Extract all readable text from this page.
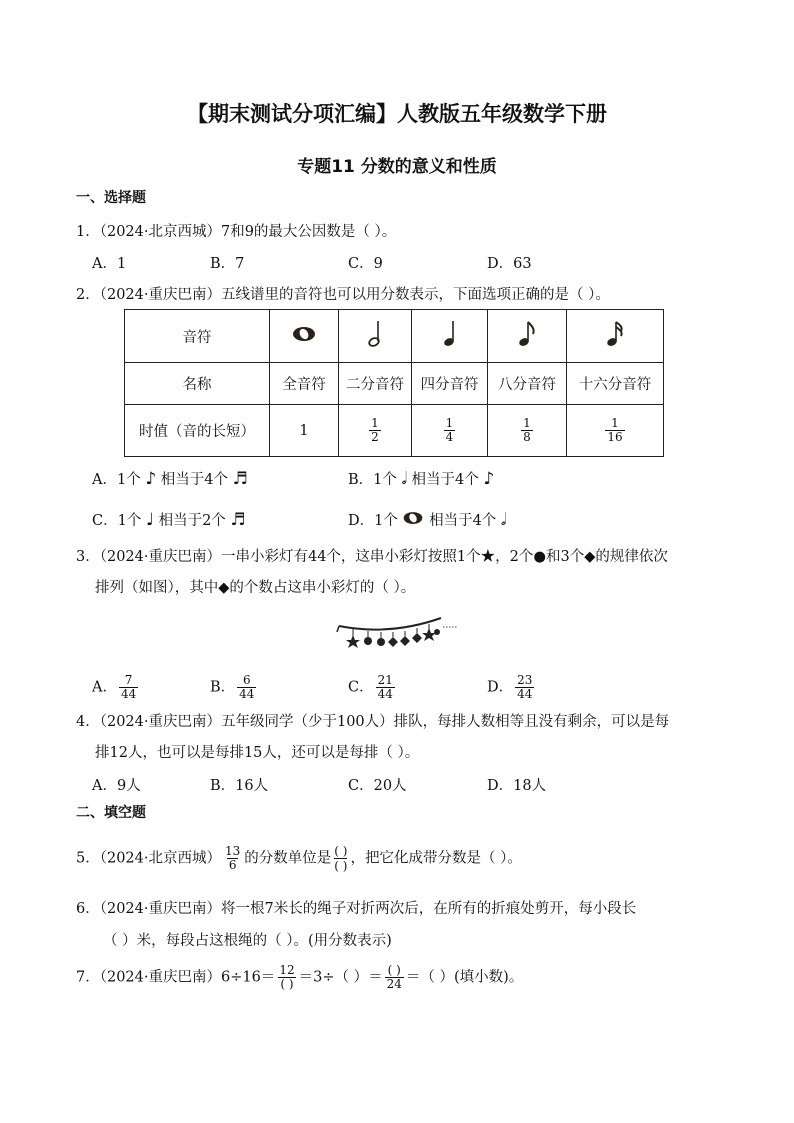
【期末测试分项汇编】人教版五年级数学下册
专题11 分数的意义和性质
一、选择题
1．（2024·北京西城）7和9的最大公因数是（ ）。
A．1	B．7	C．9	D．63
2．（2024·重庆巴南）五线谱里的音符也可以用分数表示，下面选项正确的是（ ）。
音符					
名称	全音符	二分音符	四分音符	八分音符	十六分音符
时值（音的长短）	1	$\frac{1}{2}$	$\frac{1}{4}$	$\frac{1}{8}$	$\frac{1}{16}$
A．1个 ♪ 相当于4个 ♬	B．1个 𝅗𝅥 相当于4个 ♪
C．1个 ♩ 相当于2个 ♬	D．1个 相当于4个 𝅗𝅥
3．（2024·重庆巴南）一串小彩灯有44个，这串小彩灯按照1个★，2个●和3个◆的规律依次
排列（如图），其中◆的个数占这串小彩灯的（ ）。
A． $\frac{7}{44}$	B． $\frac{6}{44}$	C． $\frac{21}{44}$	D． $\frac{23}{44}$
4．（2024·重庆巴南）五年级同学（少于100人）排队，每排人数相等且没有剩余，可以是每
排12人，也可以是每排15人，还可以是每排（ ）。
A．9人	B．16人	C．20人	D．18人
二、填空题
5．（2024·北京西城） $\frac{13}{6}$ 的分数单位是 $\frac{( )}{( )}$ ，把它化成带分数是（ ）。
6．（2024·重庆巴南）将一根7米长的绳子对折两次后，在所有的折痕处剪开，每小段长
（ ）米，每段占这根绳的（ ）。(用分数表示)
7．（2024·重庆巴南）$6\div 16= \frac{12}{( )} =3\div$（ ）＝ $\frac{( )}{24}$ ＝（ ）(填小数)。
